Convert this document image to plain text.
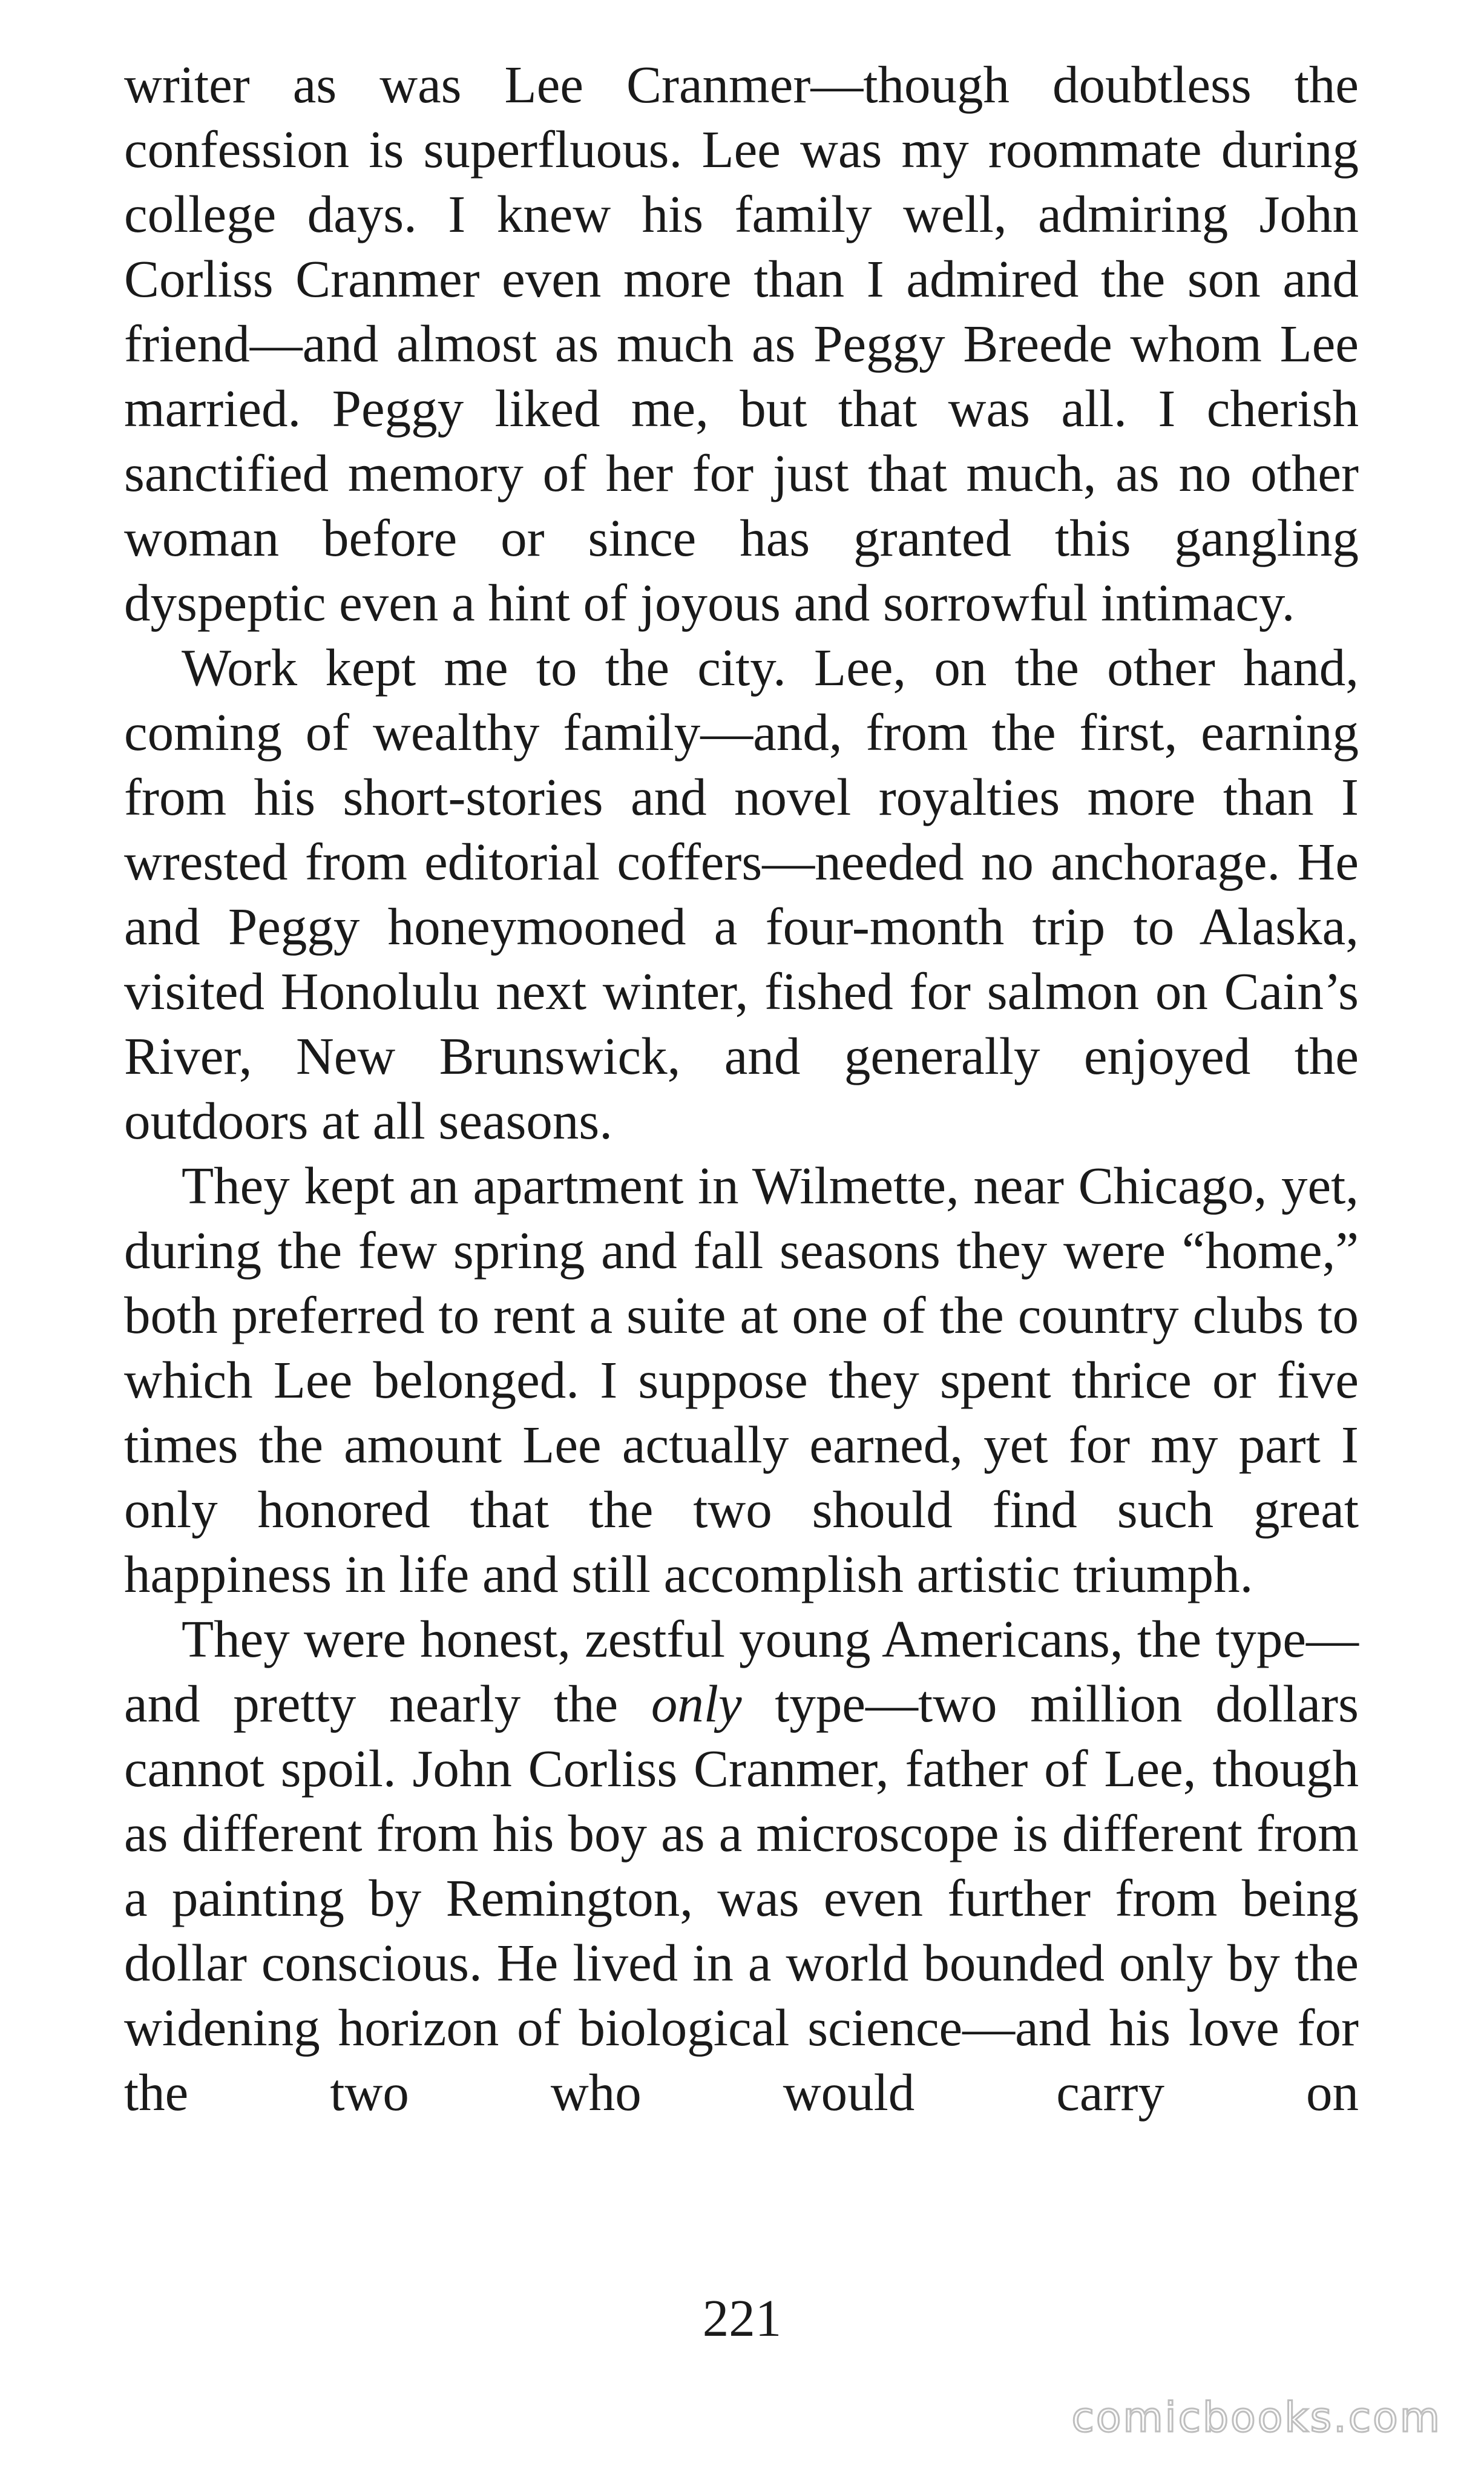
writer as was Lee Cranmer—though doubtless the confession is superfluous. Lee was my roommate during college days. I knew his family well, admiring John Corliss Cranmer even more than I admired the son and friend—and almost as much as Peggy Breede whom Lee married. Peggy liked me, but that was all. I cherish sanctified memory of her for just that much, as no other woman before or since has granted this gangling dyspeptic even a hint of joyous and sorrowful intimacy.

Work kept me to the city. Lee, on the other hand, coming of wealthy family—and, from the first, earning from his short-stories and novel royalties more than I wrested from editorial coffers—needed no anchorage. He and Peggy honeymooned a four-month trip to Alaska, visited Honolulu next winter, fished for salmon on Cain’s River, New Brunswick, and generally enjoyed the outdoors at all seasons.

They kept an apartment in Wilmette, near Chicago, yet, during the few spring and fall seasons they were “home,” both preferred to rent a suite at one of the country clubs to which Lee belonged. I suppose they spent thrice or five times the amount Lee actually earned, yet for my part I only honored that the two should find such great happiness in life and still accomplish artistic triumph.

They were honest, zestful young Americans, the type—and pretty nearly the only type—two million dollars cannot spoil. John Corliss Cranmer, father of Lee, though as different from his boy as a microscope is different from a painting by Remington, was even further from being dollar conscious. He lived in a world bounded only by the widening horizon of biological science—and his love for the two who would carry on

221
comicbooks.com
